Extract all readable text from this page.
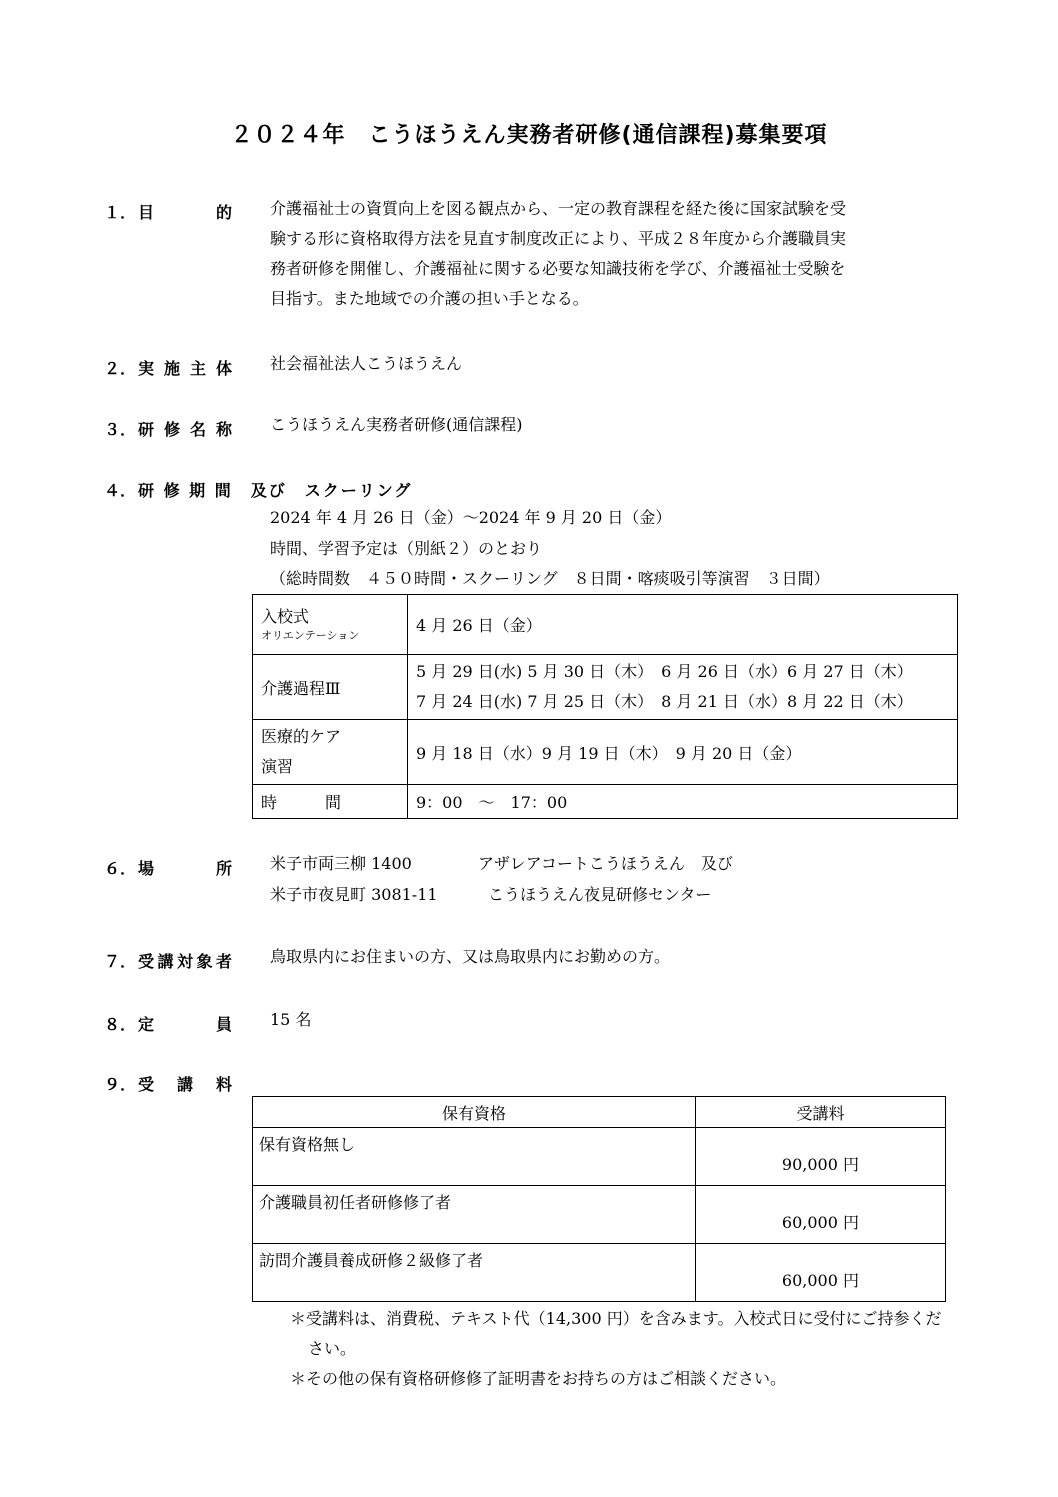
２０２４年　こうほうえん実務者研修(通信課程)募集要項
１． 目的 介護福祉士の資質向上を図る観点から、一定の教育課程を経た後に国家試験を受
験する形に資格取得方法を見直す制度改正により、平成２８年度から介護職員実
務者研修を開催し、介護福祉に関する必要な知識技術を学び、介護福祉士受験を
目指す。また地域での介護の担い手となる。
２． 実施主体 社会福祉法人こうほうえん
３． 研修名称 こうほうえん実務者研修(通信課程)
４． 研 修 期 間　及び　スクーリング
2024 年 4 月 26 日（金）～2024 年 9 月 20 日（金）
時間、学習予定は（別紙２）のとおり
（総時間数　４５０時間・スクーリング　８日間・喀痰吸引等演習　３日間）
入校式
オリエンテーション	4 月 26 日（金）
介護過程Ⅲ	5 月 29 日(水) 5 月 30 日（木）　6 月 26 日（水）6 月 27 日（木）
7 月 24 日(水) 7 月 25 日（木）　8 月 21 日（水）8 月 22 日（木）

医療的ケア
演習	9 月 18 日（水）9 月 19 日（木）　9 月 20 日（金）
時　　　間	9：00　～　17：00
６． 場所 米子市両三柳 1400	アザレアコートこうほうえん　及び
米子市夜見町 3081-11	こうほうえん夜見研修センター
７． 受講対象者 鳥取県内にお住まいの方、又は鳥取県内にお勤めの方。
８． 定員 15 名
９． 受講料
保有資格	受講料
保有資格無し	90,000 円
介護職員初任者研修修了者	60,000 円
訪問介護員養成研修２級修了者	60,000 円
＊受講料は、消費税、テキスト代（14,300 円）を含みます。入校式日に受付にご持参ください。
＊その他の保有資格研修修了証明書をお持ちの方はご相談ください。
